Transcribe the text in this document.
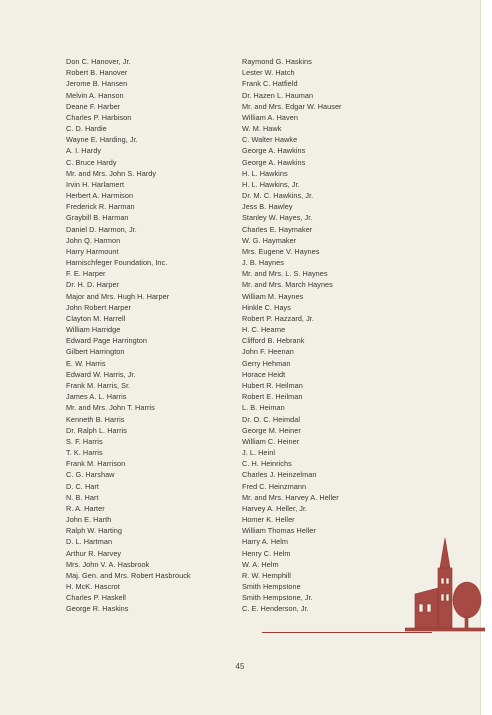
Don C. Hanover, Jr.
Robert B. Hanover
Jerome B. Hansen
Melvin A. Hanson
Deane F. Harber
Charles P. Harbison
C. D. Hardie
Wayne E. Harding, Jr.
A. I. Hardy
C. Bruce Hardy
Mr. and Mrs. John S. Hardy
Irvin H. Harlamert
Herbert A. Harmison
Frederick R. Harman
Graybill B. Harman
Daniel D. Harmon, Jr.
John Q. Harmon
Harry Harmount
Harnischfeger Foundation, Inc.
F. E. Harper
Dr. H. D. Harper
Major and Mrs. Hugh H. Harper
John Robert Harper
Clayton M. Harrell
William Harridge
Edward Page Harrington
Gilbert Harrington
E. W. Harris
Edward W. Harris, Jr.
Frank M. Harris, Sr.
James A. L. Harris
Mr. and Mrs. John T. Harris
Kenneth B. Harris
Dr. Ralph L. Harris
S. F. Harris
T. K. Harris
Frank M. Harrison
C. G. Harshaw
D. C. Hart
N. B. Hart
R. A. Harter
John E. Harth
Ralph W. Harting
D. L. Hartman
Arthur R. Harvey
Mrs. John V. A. Hasbrook
Maj. Gen. and Mrs. Robert Hasbrouck
H. McK. Hascrot
Charles P. Haskell
George R. Haskins
Raymond G. Haskins
Lester W. Hatch
Frank C. Hatfield
Dr. Hazen L. Hauman
Mr. and Mrs. Edgar W. Hauser
William A. Haven
W. M. Hawk
C. Walter Hawke
George A. Hawkins
George A. Hawkins
H. L. Hawkins
H. L. Hawkins, Jr.
Dr. M. C. Hawkins, Jr.
Jess B. Hawley
Stanley W. Hayes, Jr.
Charles E. Haymaker
W. G. Haymaker
Mrs. Eugene V. Haynes
J. B. Haynes
Mr. and Mrs. L. S. Haynes
Mr. and Mrs. March Haynes
William M. Haynes
Hinkle C. Hays
Robert P. Hazzard, Jr.
H. C. Hearne
Clifford B. Hebrank
John F. Heenan
Gerry Hehman
Horace Heidt
Hubert R. Heilman
Robert E. Heilman
L. B. Heiman
Dr. O. C. Heimdal
George M. Heiner
William C. Heiner
J. L. Heinl
C. H. Heinrichs
Charles J. Heinzelman
Fred C. Heinzmann
Mr. and Mrs. Harvey A. Heller
Harvey A. Heller, Jr.
Homer K. Heller
William Thomas Heller
Harry A. Helm
Henry C. Helm
W. A. Helm
R. W. Hemphill
Smith Hempstone
Smith Hempstone, Jr.
C. E. Henderson, Jr.
45
